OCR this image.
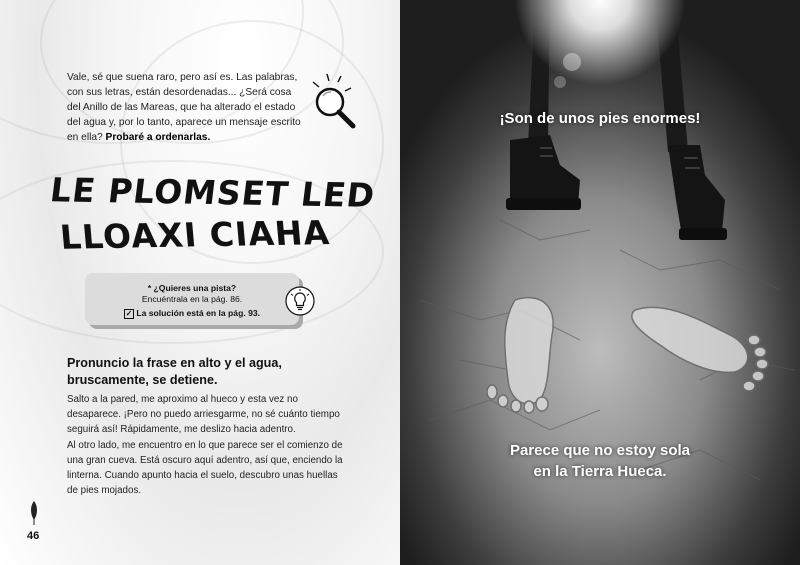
Vale, sé que suena raro, pero así es. Las palabras, con sus letras, están desordenadas... ¿Será cosa del Anillo de las Mareas, que ha alterado el estado del agua y, por lo tanto, aparece un mensaje escrito en ella? Probaré a ordenarlas.
LE PLOMSET LED
LLOAXI CIAHA
* ¿Quieres una pista?
Encuéntrala en la pág. 86.
✓ La solución está en la pág. 93.
Pronuncio la frase en alto y el agua, bruscamente, se detiene.
Salto a la pared, me aproximo al hueco y esta vez no desaparece. ¡Pero no puedo arriesgarme, no sé cuánto tiempo seguirá así! Rápidamente, me deslizo hacia adentro.
Al otro lado, me encuentro en lo que parece ser el comienzo de una gran cueva. Está oscuro aquí adentro, así que, enciendo la linterna. Cuando apunto hacia el suelo, descubro unas huellas de pies mojados.
46
¡Son de unos pies enormes!
Parece que no estoy sola
en la Tierra Hueca.
